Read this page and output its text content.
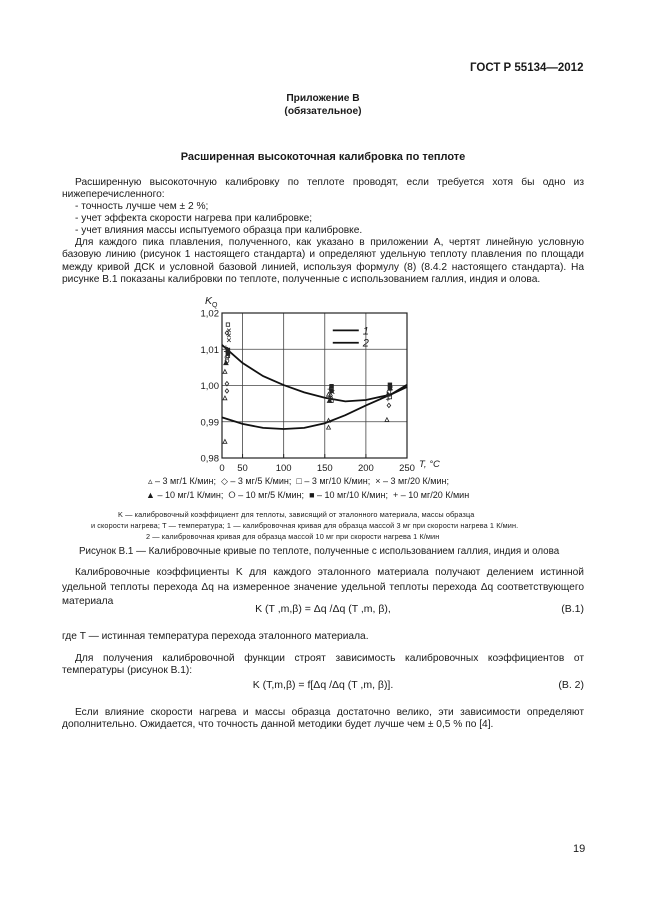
ГОСТ Р 55134—2012
Приложение В
(обязательное)
Расширенная высокоточная калибровка по теплоте
Расширенную высокоточную калибровку по теплоте проводят, если требуется хотя бы одно из нижеперечисленного:
- точность лучше чем ± 2 %;
- учет эффекта скорости нагрева при калибровке;
- учет влияния массы испытуемого образца при калибровке.
Для каждого пика плавления, полученного, как указано в приложении А, чертят линейную условную базовую линию (рисунок 1 настоящего стандарта) и определяют удельную теплоту плавления по площади между кривой ДСК и условной базовой линией, используя формулу (8) (8.4.2 настоящего стандарта). На рисунке В.1 показаны калибровки по теплоте, полученные с использованием галлия, индия и олова.
0 50	100	150	200	250
0,98
0,99
1,00
1,01
1,02
K Q
T, °C
1
2
▵ – 3 мг/1 К/мин; ◇ – 3 мг/5 К/мин; □ – 3 мг/10 К/мин; × – 3 мг/20 К/мин;
▲ – 10 мг/1 К/мин; ⭘ – 10 мг/5 К/мин; ■ – 10 мг/10 К/мин; + – 10 мг/20 К/мин
K — калибровочный коэффициент для теплоты, зависящий от эталонного материала, массы образца
и скорости нагрева; T — температура; 1 — калибровочная кривая для образца массой 3 мг при скорости нагрева 1 К/мин.
2 — калибровочная кривая для образца массой 10 мг при скорости нагрева 1 К/мин
Рисунок В.1 — Калибровочные кривые по теплоте, полученные с использованием галлия, индия и олова
Калибровочные коэффициенты K для каждого эталонного материала получают делением истинной удельной теплоты перехода Δq на измеренное значение удельной теплоты перехода Δq соответствующего материала
K (T ,m,β) = Δq /Δq (T ,m, β),	(В.1)
где T — истинная температура перехода эталонного материала.
Для получения калибровочной функции строят зависимость калибровочных коэффициентов от температуры (рисунок В.1):
K (T,m,β) = f[Δq /Δq (T ,m, β)].	(В. 2)
Если влияние скорости нагрева и массы образца достаточно велико, эти зависимости определяют дополнительно. Ожидается, что точность данной методики будет лучше чем ± 0,5 % по [4].
19
